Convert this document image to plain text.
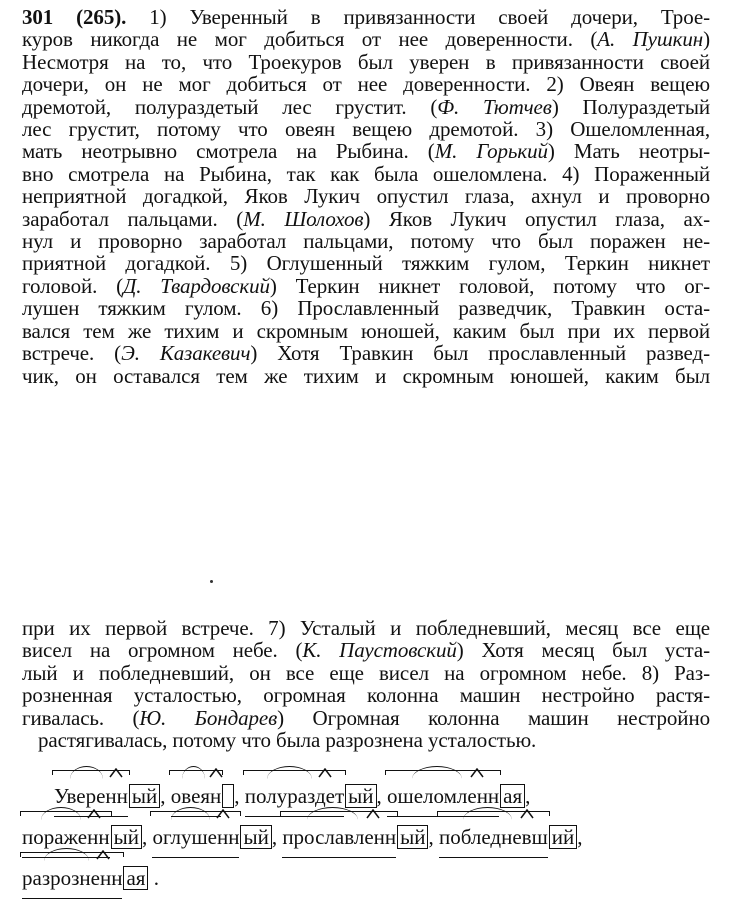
301 (265). 1) Уверенный в привязанности своей дочери, Трое-
куров никогда не мог добиться от нее доверенности. (А. Пушкин)
Несмотря на то, что Троекуров был уверен в привязанности своей
дочери, он не мог добиться от нее доверенности. 2) Овеян вещею
дремотой, полураздетый лес грустит. (Ф. Тютчев) Полураздетый
лес грустит, потому что овеян вещею дремотой. 3) Ошеломленная,
мать неотрывно смотрела на Рыбина. (М. Горький) Мать неотры-
вно смотрела на Рыбина, так как была ошеломлена. 4) Пораженный
неприятной догадкой, Яков Лукич опустил глаза, ахнул и проворно
заработал пальцами. (М. Шолохов) Яков Лукич опустил глаза, ах-
нул и проворно заработал пальцами, потому что был поражен не-
приятной догадкой. 5) Оглушенный тяжким гулом, Теркин никнет
головой. (Д. Твардовский) Теркин никнет головой, потому что ог-
лушен тяжким гулом. 6) Прославленный разведчик, Травкин оста-
вался тем же тихим и скромным юношей, каким был при их первой
встрече. (Э. Казакевич) Хотя Травкин был прославленный развед-
чик, он оставался тем же тихим и скромным юношей, каким был
при их первой встрече. 7) Усталый и побледневший, месяц все еще
висел на огромном небе. (К. Паустовский) Хотя месяц был уста-
лый и побледневший, он все еще висел на огромном небе. 8) Раз-
розненная усталостью, огромная колонна машин нестройно растя-
гивалась. (Ю. Бондарев) Огромная колонна машин нестройно
растягивалась, потому что была разрознена усталостью.
Уверенн ый , овеян , полураздет ый , ошеломленн ая ,
пораженн ый , оглушенн ый , прославленн ый , побледневш ий ,
разрозненн ая .
